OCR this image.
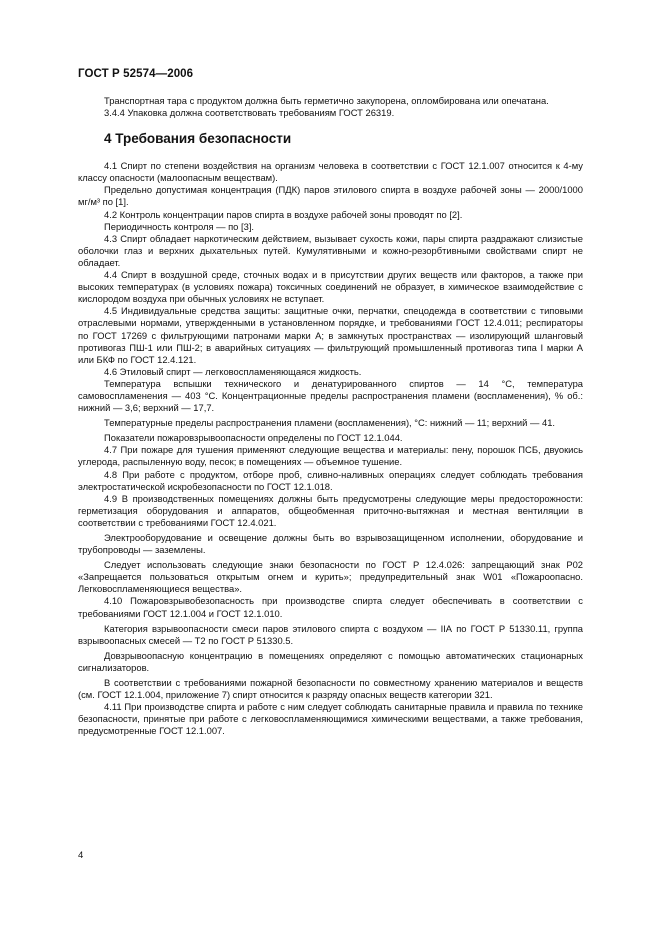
ГОСТ Р 52574—2006

Транспортная тара с продуктом должна быть герметично закупорена, опломбирована или опечатана.

3.4.4 Упаковка должна соответствовать требованиям ГОСТ 26319.

4 Требования безопасности

4.1 Спирт по степени воздействия на организм человека в соответствии с ГОСТ 12.1.007 относится к 4-му классу опасности (малоопасным веществам).

Предельно допустимая концентрация (ПДК) паров этилового спирта в воздухе рабочей зоны — 2000/1000 мг/м³ по [1].

4.2 Контроль концентрации паров спирта в воздухе рабочей зоны проводят по [2].

Периодичность контроля — по [3].

4.3 Спирт обладает наркотическим действием, вызывает сухость кожи, пары спирта раздражают слизистые оболочки глаз и верхних дыхательных путей. Кумулятивными и кожно-резорбтивными свойствами спирт не обладает.

4.4 Спирт в воздушной среде, сточных водах и в присутствии других веществ или факторов, а также при высоких температурах (в условиях пожара) токсичных соединений не образует, в химическое взаимодействие с кислородом воздуха при обычных условиях не вступает.

4.5 Индивидуальные средства защиты: защитные очки, перчатки, спецодежда в соответствии с типовыми отраслевыми нормами, утвержденными в установленном порядке, и требованиями ГОСТ 12.4.011; респираторы по ГОСТ 17269 с фильтрующими патронами марки А; в замкнутых пространствах — изолирующий шланговый противогаз ПШ-1 или ПШ-2; в аварийных ситуациях — фильтрующий промышленный противогаз типа I марки А или БКФ по ГОСТ 12.4.121.

4.6 Этиловый спирт — легковоспламеняющаяся жидкость.

Температура вспышки технического и денатурированного спиртов — 14 °С, температура самовоспламенения — 403 °С. Концентрационные пределы распространения пламени (воспламенения), % об.: нижний — 3,6; верхний — 17,7.

Температурные пределы распространения пламени (воспламенения), °С: нижний — 11; верхний — 41.

Показатели пожаровзрывоопасности определены по ГОСТ 12.1.044.

4.7 При пожаре для тушения применяют следующие вещества и материалы: пену, порошок ПСБ, двуокись углерода, распыленную воду, песок; в помещениях — объемное тушение.

4.8 При работе с продуктом, отборе проб, сливно-наливных операциях следует соблюдать требования электростатической искробезопасности по ГОСТ 12.1.018.

4.9 В производственных помещениях должны быть предусмотрены следующие меры предосторожности: герметизация оборудования и аппаратов, общеобменная приточно-вытяжная и местная вентиляции в соответствии с требованиями ГОСТ 12.4.021.

Электрооборудование и освещение должны быть во взрывозащищенном исполнении, оборудование и трубопроводы — заземлены.

Следует использовать следующие знаки безопасности по ГОСТ Р 12.4.026: запрещающий знак Р02 «Запрещается пользоваться открытым огнем и курить»; предупредительный знак W01 «Пожароопасно. Легковоспламеняющиеся вещества».

4.10 Пожаровзрывобезопасность при производстве спирта следует обеспечивать в соответствии с требованиями ГОСТ 12.1.004 и ГОСТ 12.1.010.

Категория взрывоопасности смеси паров этилового спирта с воздухом — IIА по ГОСТ Р 51330.11, группа взрывоопасных смесей — Т2 по ГОСТ Р 51330.5.

Довзрывоопасную концентрацию в помещениях определяют с помощью автоматических стационарных сигнализаторов.

В соответствии с требованиями пожарной безопасности по совместному хранению материалов и веществ (см. ГОСТ 12.1.004, приложение 7) спирт относится к разряду опасных веществ категории 321.

4.11 При производстве спирта и работе с ним следует соблюдать санитарные правила и правила по технике безопасности, принятые при работе с легковоспламеняющимися химическими веществами, а также требования, предусмотренные ГОСТ 12.1.007.

4
